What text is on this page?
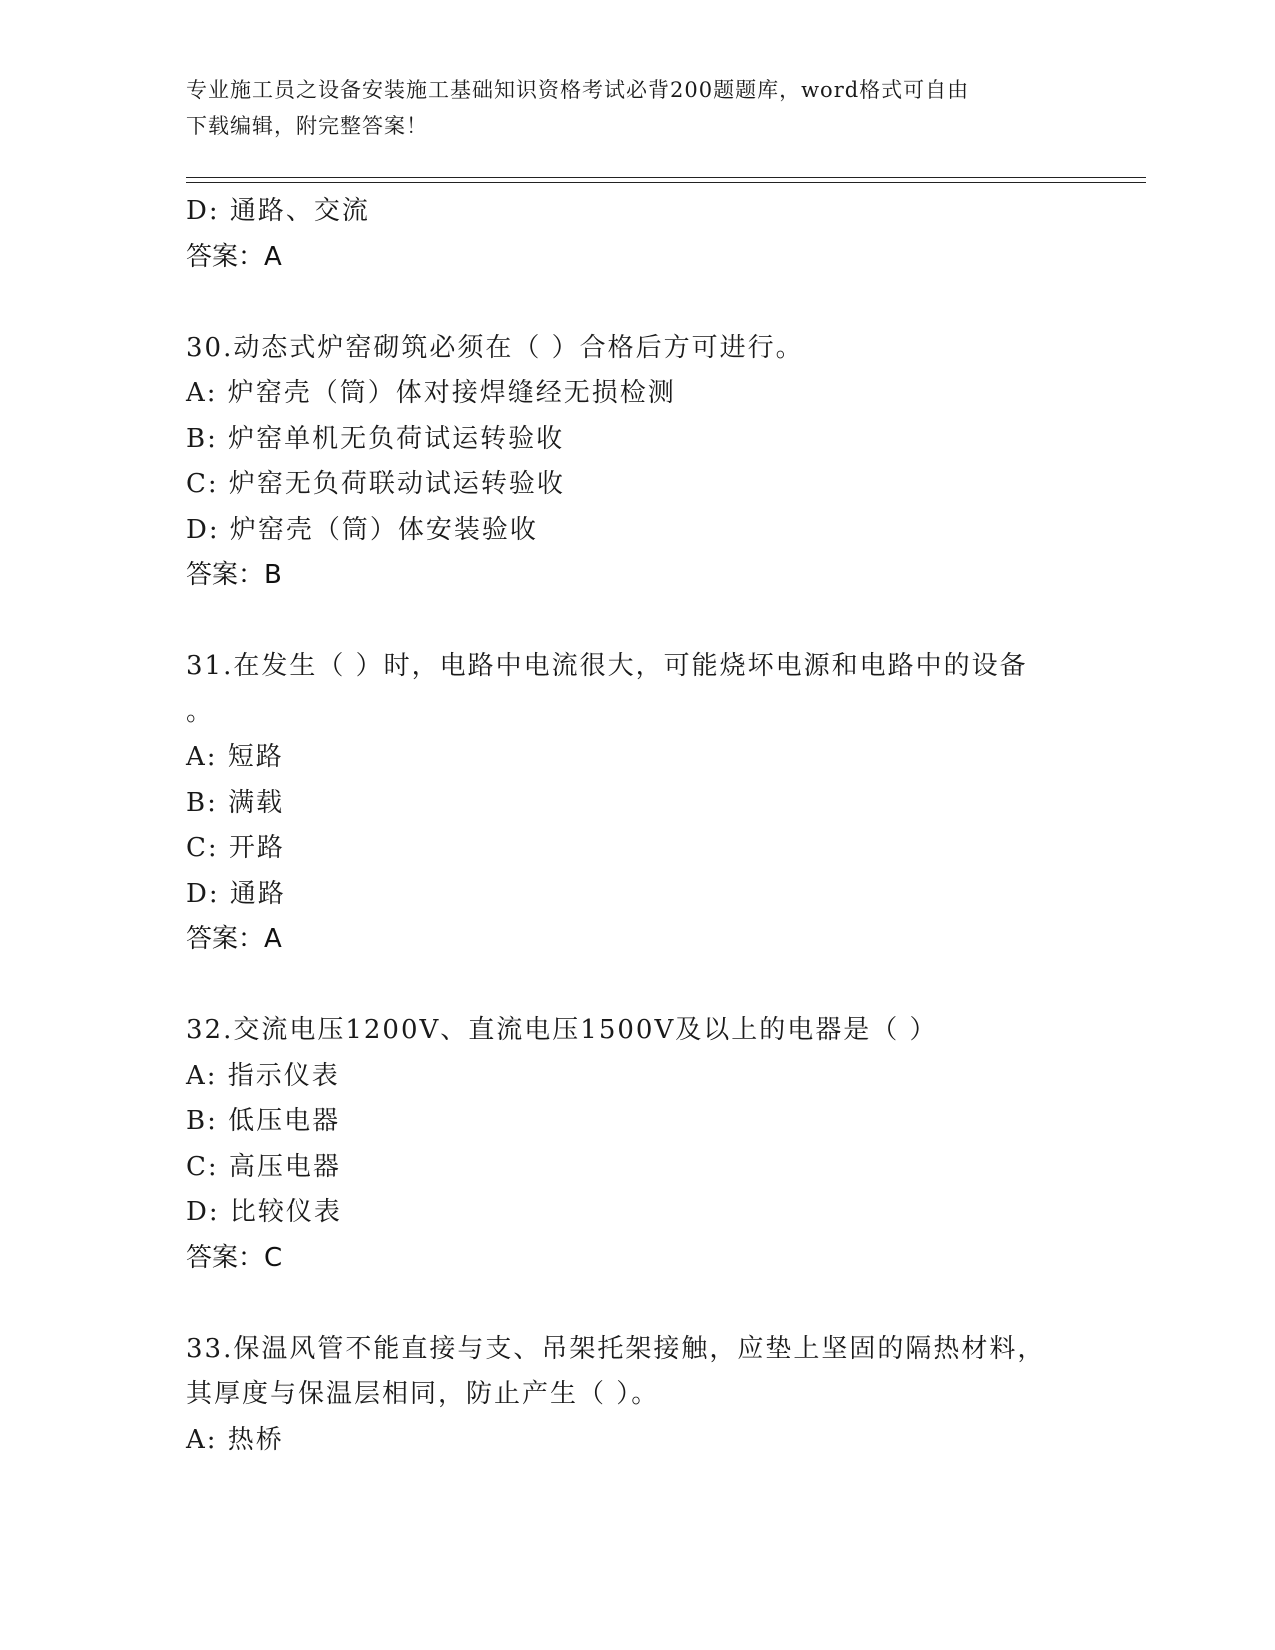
专业施工员之设备安装施工基础知识资格考试必背200题题库，word格式可自由
下载编辑，附完整答案！
D: 通路、交流
答案：A
30.动态式炉窑砌筑必须在（ ）合格后方可进行。
A: 炉窑壳（筒）体对接焊缝经无损检测
B: 炉窑单机无负荷试运转验收
C: 炉窑无负荷联动试运转验收
D: 炉窑壳（筒）体安装验收
答案：B
31.在发生（ ）时，电路中电流很大，可能烧坏电源和电路中的设备
。
A: 短路
B: 满载
C: 开路
D: 通路
答案：A
32.交流电压1200V、直流电压1500V及以上的电器是（ ）
A: 指示仪表
B: 低压电器
C: 高压电器
D: 比较仪表
答案：C
33.保温风管不能直接与支、吊架托架接触，应垫上坚固的隔热材料，
其厚度与保温层相同，防止产生（ ）。
A: 热桥
